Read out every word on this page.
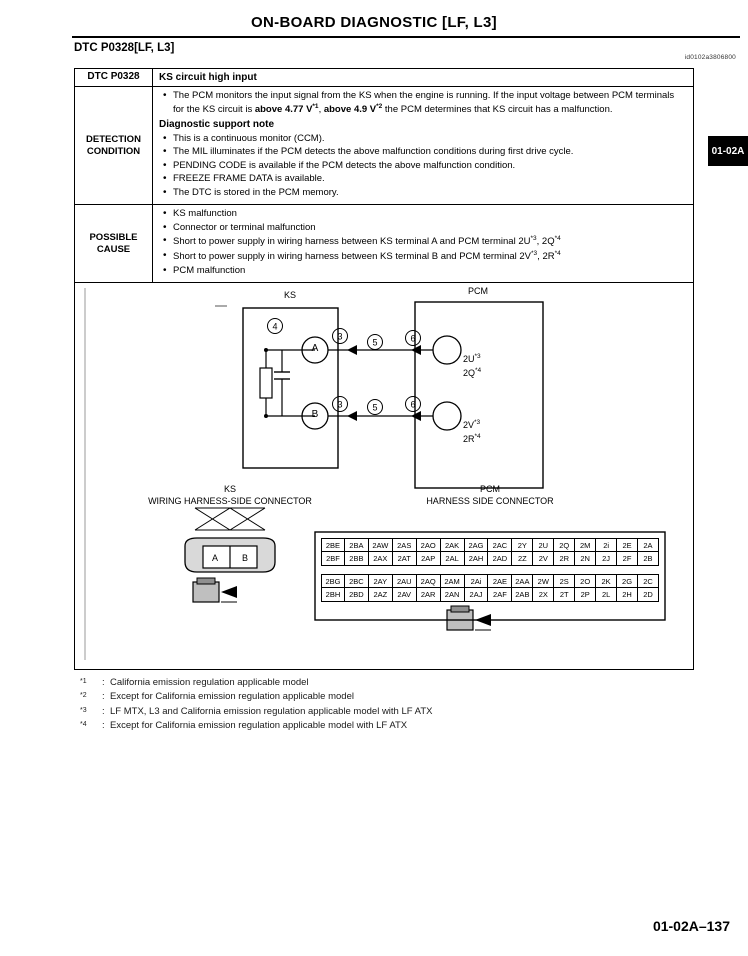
ON-BOARD DIAGNOSTIC [LF, L3]
DTC P0328[LF, L3]
id0102a3806800
01-02A
DTC P0328	KS circuit high input
DETECTION CONDITION
• The PCM monitors the input signal from the KS when the engine is running. If the input voltage between PCM terminals for the KS circuit is above 4.77 $V^{*1}$, above 4.9 $V^{*2}$ the PCM determines that KS circuit has a malfunction.
Diagnostic support note
• This is a continuous monitor (CCM).
• The MIL illuminates if the PCM detects the above malfunction conditions during first drive cycle.
• PENDING CODE is available if the PCM detects the above malfunction condition.
• FREEZE FRAME DATA is available.
• The DTC is stored in the PCM memory.
POSSIBLE CAUSE
• KS malfunction
• Connector or terminal malfunction
• Short to power supply in wiring harness between KS terminal A and PCM terminal $2U^{*3}$, $2Q^{*4}$
• Short to power supply in wiring harness between KS terminal B and PCM terminal $2V^{*3}$, $2R^{*4}$
• PCM malfunction
4
3
5	6
3	5	6
A	B
KS	PCM
A
B
$2U^{*3}$
$2Q^{*4}$
$2V^{*3}$
$2R^{*4}$
KS
WIRING HARNESS-SIDE CONNECTOR
PCM
HARNESS SIDE CONNECTOR
2BE	2BA	2AW	2AS	2AO	2AK	2AG	2AC	2Y	2U	2Q	2M	2i	2E	2A
2BF	2BB	2AX	2AT	2AP	2AL	2AH	2AD	2Z	2V	2R	2N	2J	2F	2B
2BG	2BC	2AY	2AU	2AQ	2AM	2Ai	2AE	2AA	2W	2S	2O	2K	2G	2C
2BH	2BD	2AZ	2AV	2AR	2AN	2AJ	2AF	2AB	2X	2T	2P	2L	2H	2D
$^{*1}$	: California emission regulation applicable model
$^{*2}$	: Except for California emission regulation applicable model
$^{*3}$	: LF MTX, L3 and California emission regulation applicable model with LF ATX
$^{*4}$	: Except for California emission regulation applicable model with LF ATX
01-02A–137
